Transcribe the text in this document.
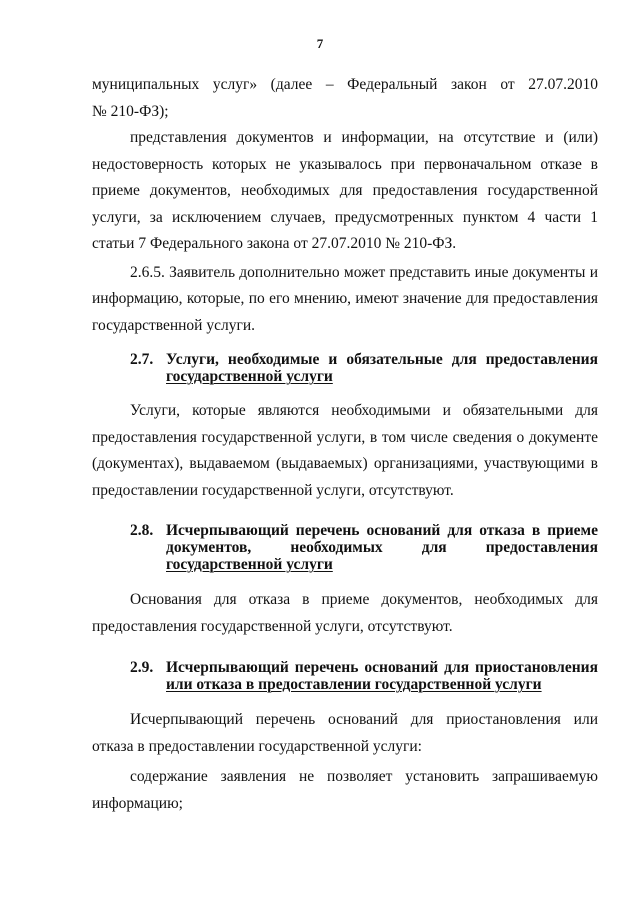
7

муниципальных услуг» (далее – Федеральный закон от 27.07.2010

№ 210-ФЗ);

представления документов и информации, на отсутствие и (или) недостоверность которых не указывалось при первоначальном отказе в приеме документов, необходимых для предоставления государственной услуги, за исключением случаев, предусмотренных пунктом 4 части 1 статьи 7 Федерального закона от 27.07.2010 № 210-ФЗ.

2.6.5. Заявитель дополнительно может представить иные документы и информацию, которые, по его мнению, имеют значение для предоставления государственной услуги.

2.7. Услуги, необходимые и обязательные для предоставления
государственной услуги

Услуги, которые являются необходимыми и обязательными для предоставления государственной услуги, в том числе сведения о документе (документах), выдаваемом (выдаваемых) организациями, участвующими в предоставлении государственной услуги, отсутствуют.

2.8. Исчерпывающий перечень оснований для отказа в приеме
документов, необходимых для предоставления
государственной услуги

Основания для отказа в приеме документов, необходимых для предоставления государственной услуги, отсутствуют.

2.9. Исчерпывающий перечень оснований для приостановления
или отказа в предоставлении государственной услуги

Исчерпывающий перечень оснований для приостановления или отказа в предоставлении государственной услуги:

содержание заявления не позволяет установить запрашиваемую информацию;
